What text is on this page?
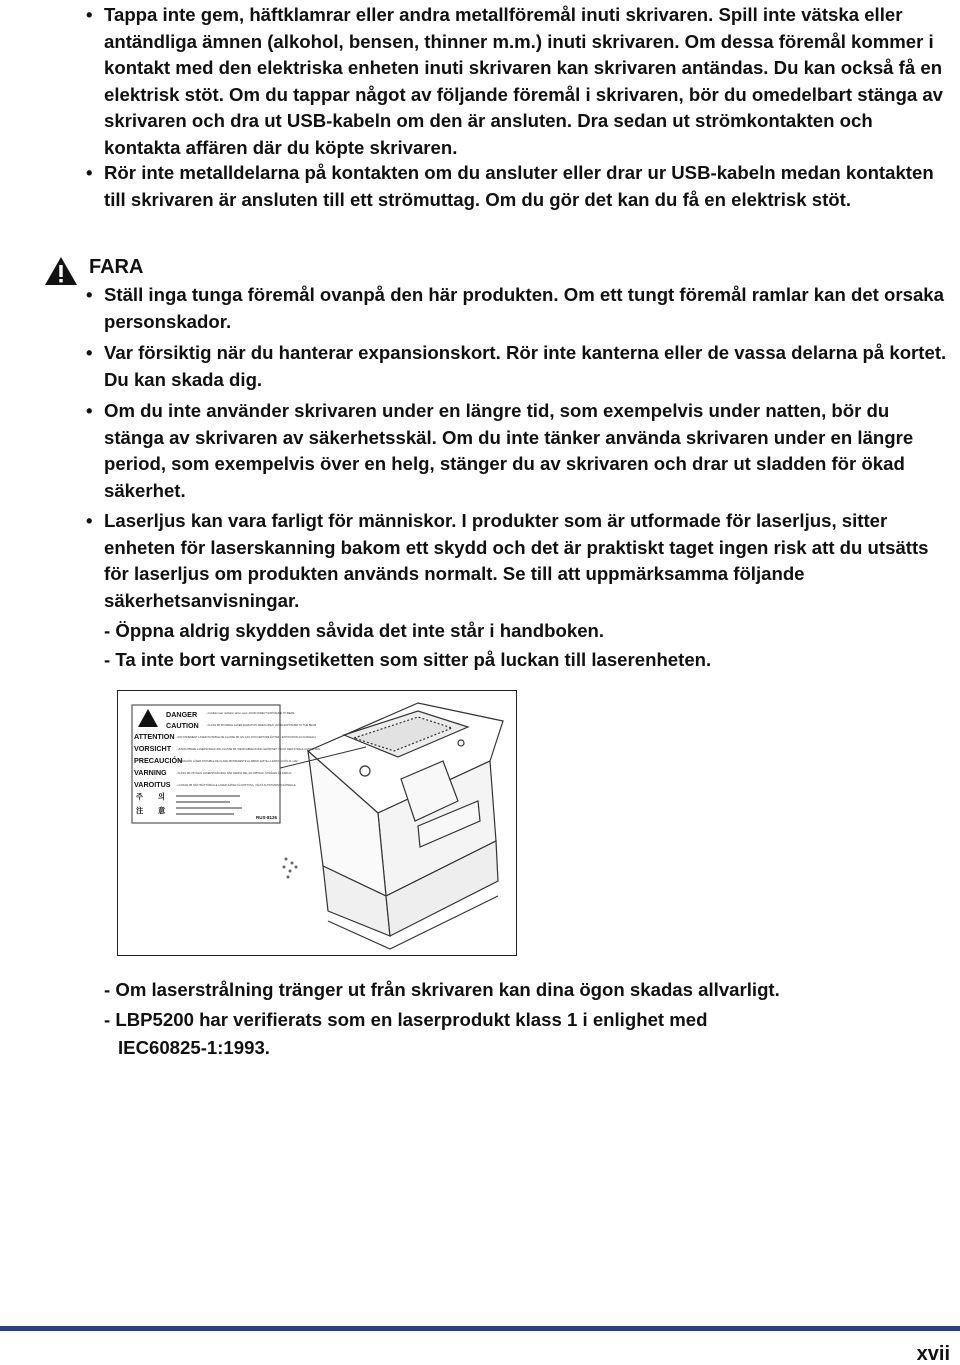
• Tappa inte gem, häftklamrar eller andra metallföremål inuti skrivaren. Spill inte vätska eller antändliga ämnen (alkohol, bensen, thinner m.m.) inuti skrivaren. Om dessa föremål kommer i kontakt med den elektriska enheten inuti skrivaren kan skrivaren antändas. Du kan också få en elektrisk stöt. Om du tappar något av följande föremål i skrivaren, bör du omedelbart stänga av skrivaren och dra ut USB-kabeln om den är ansluten. Dra sedan ut strömkontakten och kontakta affären där du köpte skrivaren.
• Rör inte metalldelarna på kontakten om du ansluter eller drar ur USB-kabeln medan kontakten till skrivaren är ansluten till ett strömuttag. Om du gör det kan du få en elektrisk stöt.
FARA
• Ställ inga tunga föremål ovanpå den här produkten. Om ett tungt föremål ramlar kan det orsaka personskador.
• Var försiktig när du hanterar expansionskort. Rör inte kanterna eller de vassa delarna på kortet. Du kan skada dig.
• Om du inte använder skrivaren under en längre tid, som exempelvis under natten, bör du stänga av skrivaren av säkerhetsskäl. Om du inte tänker använda skrivaren under en längre period, som exempelvis över en helg, stänger du av skrivaren och drar ut sladden för ökad säkerhet.
• Laserljus kan vara farligt för människor. I produkter som är utformade för laserljus, sitter enheten för laserskanning bakom ett skydd och det är praktiskt taget ingen risk att du utsätts för laserljus om produkten används normalt. Se till att uppmärksamma följande säkerhetsanvisningar.
- Öppna aldrig skydden såvida det inte står i handboken.
- Ta inte bort varningsetiketten som sitter på luckan till laserenheten.
DANGER
CAUTION
ATTENTION
VORSICHT
PRECAUCIÓN
VARNING
VAROITUS
주 의
注 意
- Invisible laser radiation when open. AVOID DIRECT EXPOSURE TO BEAM.
- CLASS 3B INVISIBLE LASER RADIATION WHEN OPEN. AVOID EXPOSURE TO THE BEAM.
- RAYONNEMENT LASER INVISIBLE DE CLASSE 3B. EN CAS D'OUVERTURE ÉVITEZ L'EXPOSITION AU FAISCEAU.
- UNSICHTBARE LASERSTRAHLUNG KLASSE 3B, WENN ABDECKUNG GEÖFFNET. NICHT DEM STRAHL AUSSETZEN.
- RADIACIÓN LÁSER INVISIBLE DE CLASE 3B PRESENTE AL ABRIR. EVITE LA EXPOSICIÓN AL HAZ.
- KLASS 3B OSYNLIG LASERSTRÅLNING NÄR DENNA DEL ÄR ÖPPNAD. STRÅLEN ÄR FARLIG.
- LUOKAN 3B NÄKYMÄTTÖMÄLLE LASER-SÄTEILYÄ AVATTUNA. VÄLTÄ ALTISTUMISTA SÄTEELLE.
RUS-8126
- Om laserstrålning tränger ut från skrivaren kan dina ögon skadas allvarligt.
- LBP5200 har verifierats som en laserprodukt klass 1 i enlighet med
IEC60825-1:1993.
xvii
